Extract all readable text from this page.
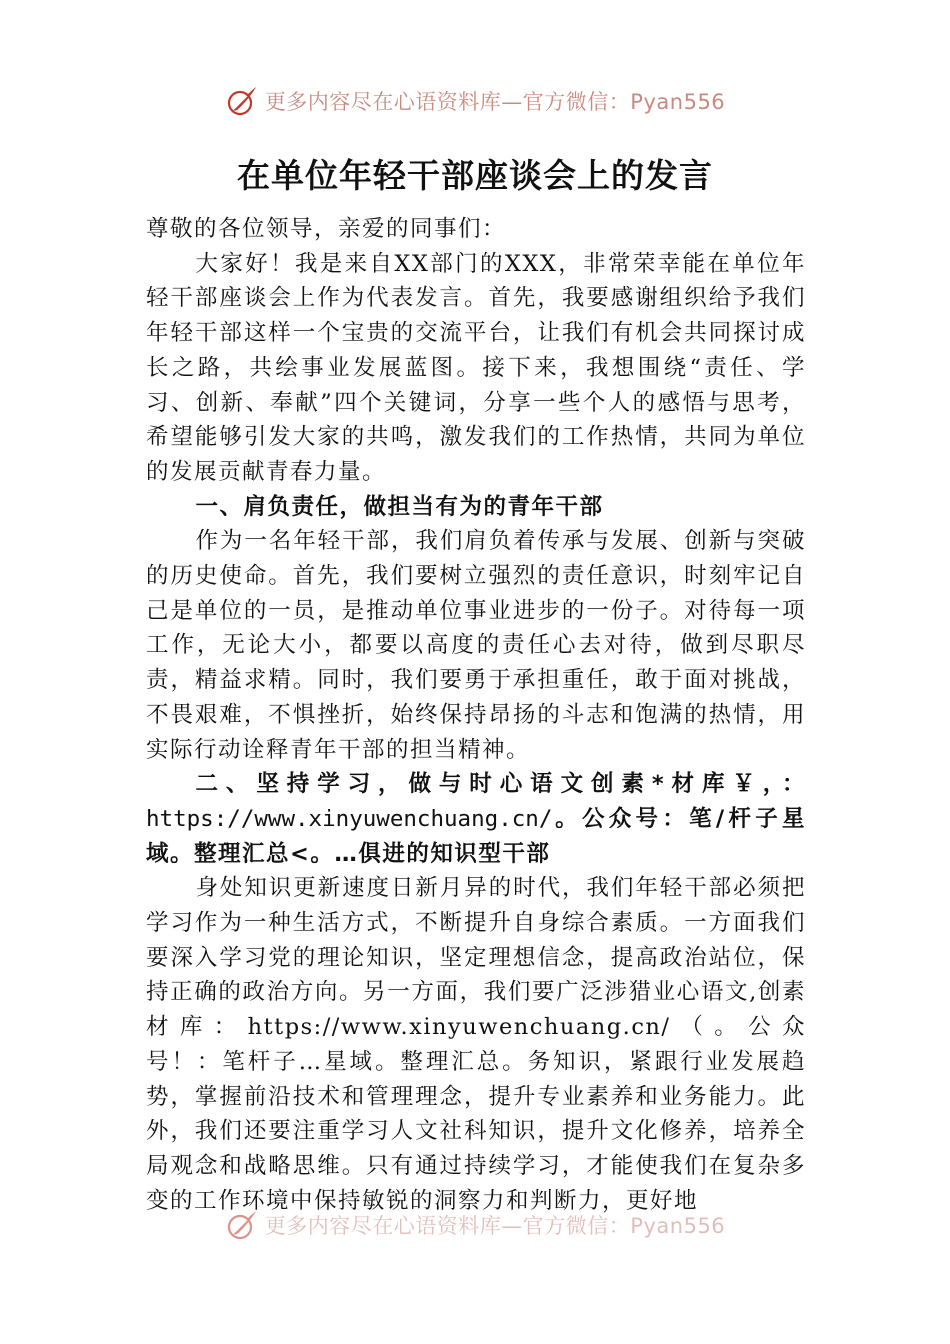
更多内容尽在心语资料库—官方微信：Pyan556
在单位年轻干部座谈会上的发言

尊敬的各位领导，亲爱的同事们：

大家好！我是来自XX部门的XXX，非常荣幸能在单位年轻干部座谈会上作为代表发言。首先，我要感谢组织给予我们年轻干部这样一个宝贵的交流平台，让我们有机会共同探讨成长之路，共绘事业发展蓝图。接下来，我想围绕“责任、学习、创新、奉献”四个关键词，分享一些个人的感悟与思考，希望能够引发大家的共鸣，激发我们的工作热情，共同为单位的发展贡献青春力量。

一、肩负责任，做担当有为的青年干部

作为一名年轻干部，我们肩负着传承与发展、创新与突破的历史使命。首先，我们要树立强烈的责任意识，时刻牢记自己是单位的一员，是推动单位事业进步的一份子。对待每一项工作，无论大小，都要以高度的责任心去对待，做到尽职尽责，精益求精。同时，我们要勇于承担重任，敢于面对挑战，不畏艰难，不惧挫折，始终保持昂扬的斗志和饱满的热情，用实际行动诠释青年干部的担当精神。

二、坚持学习，做与时心语文创素*材库￥，：https://www.xinyuwenchuang.cn/。公众号：笔/杆子星域。整理汇总<。…俱进的知识型干部

身处知识更新速度日新月异的时代，我们年轻干部必须把学习作为一种生活方式，不断提升自身综合素质。一方面我们要深入学习党的理论知识，坚定理想信念，提高政治站位，保持正确的政治方向。另一方面，我们要广泛涉猎业心语文,创素材库：https://www.xinyuwenchuang.cn/（。公众号！：笔杆子…星域。整理汇总。务知识，紧跟行业发展趋势，掌握前沿技术和管理理念，提升专业素养和业务能力。此外，我们还要注重学习人文社科知识，提升文化修养，培养全局观念和战略思维。只有通过持续学习，才能使我们在复杂多变的工作环境中保持敏锐的洞察力和判断力，更好地

更多内容尽在心语资料库—官方微信：Pyan556
